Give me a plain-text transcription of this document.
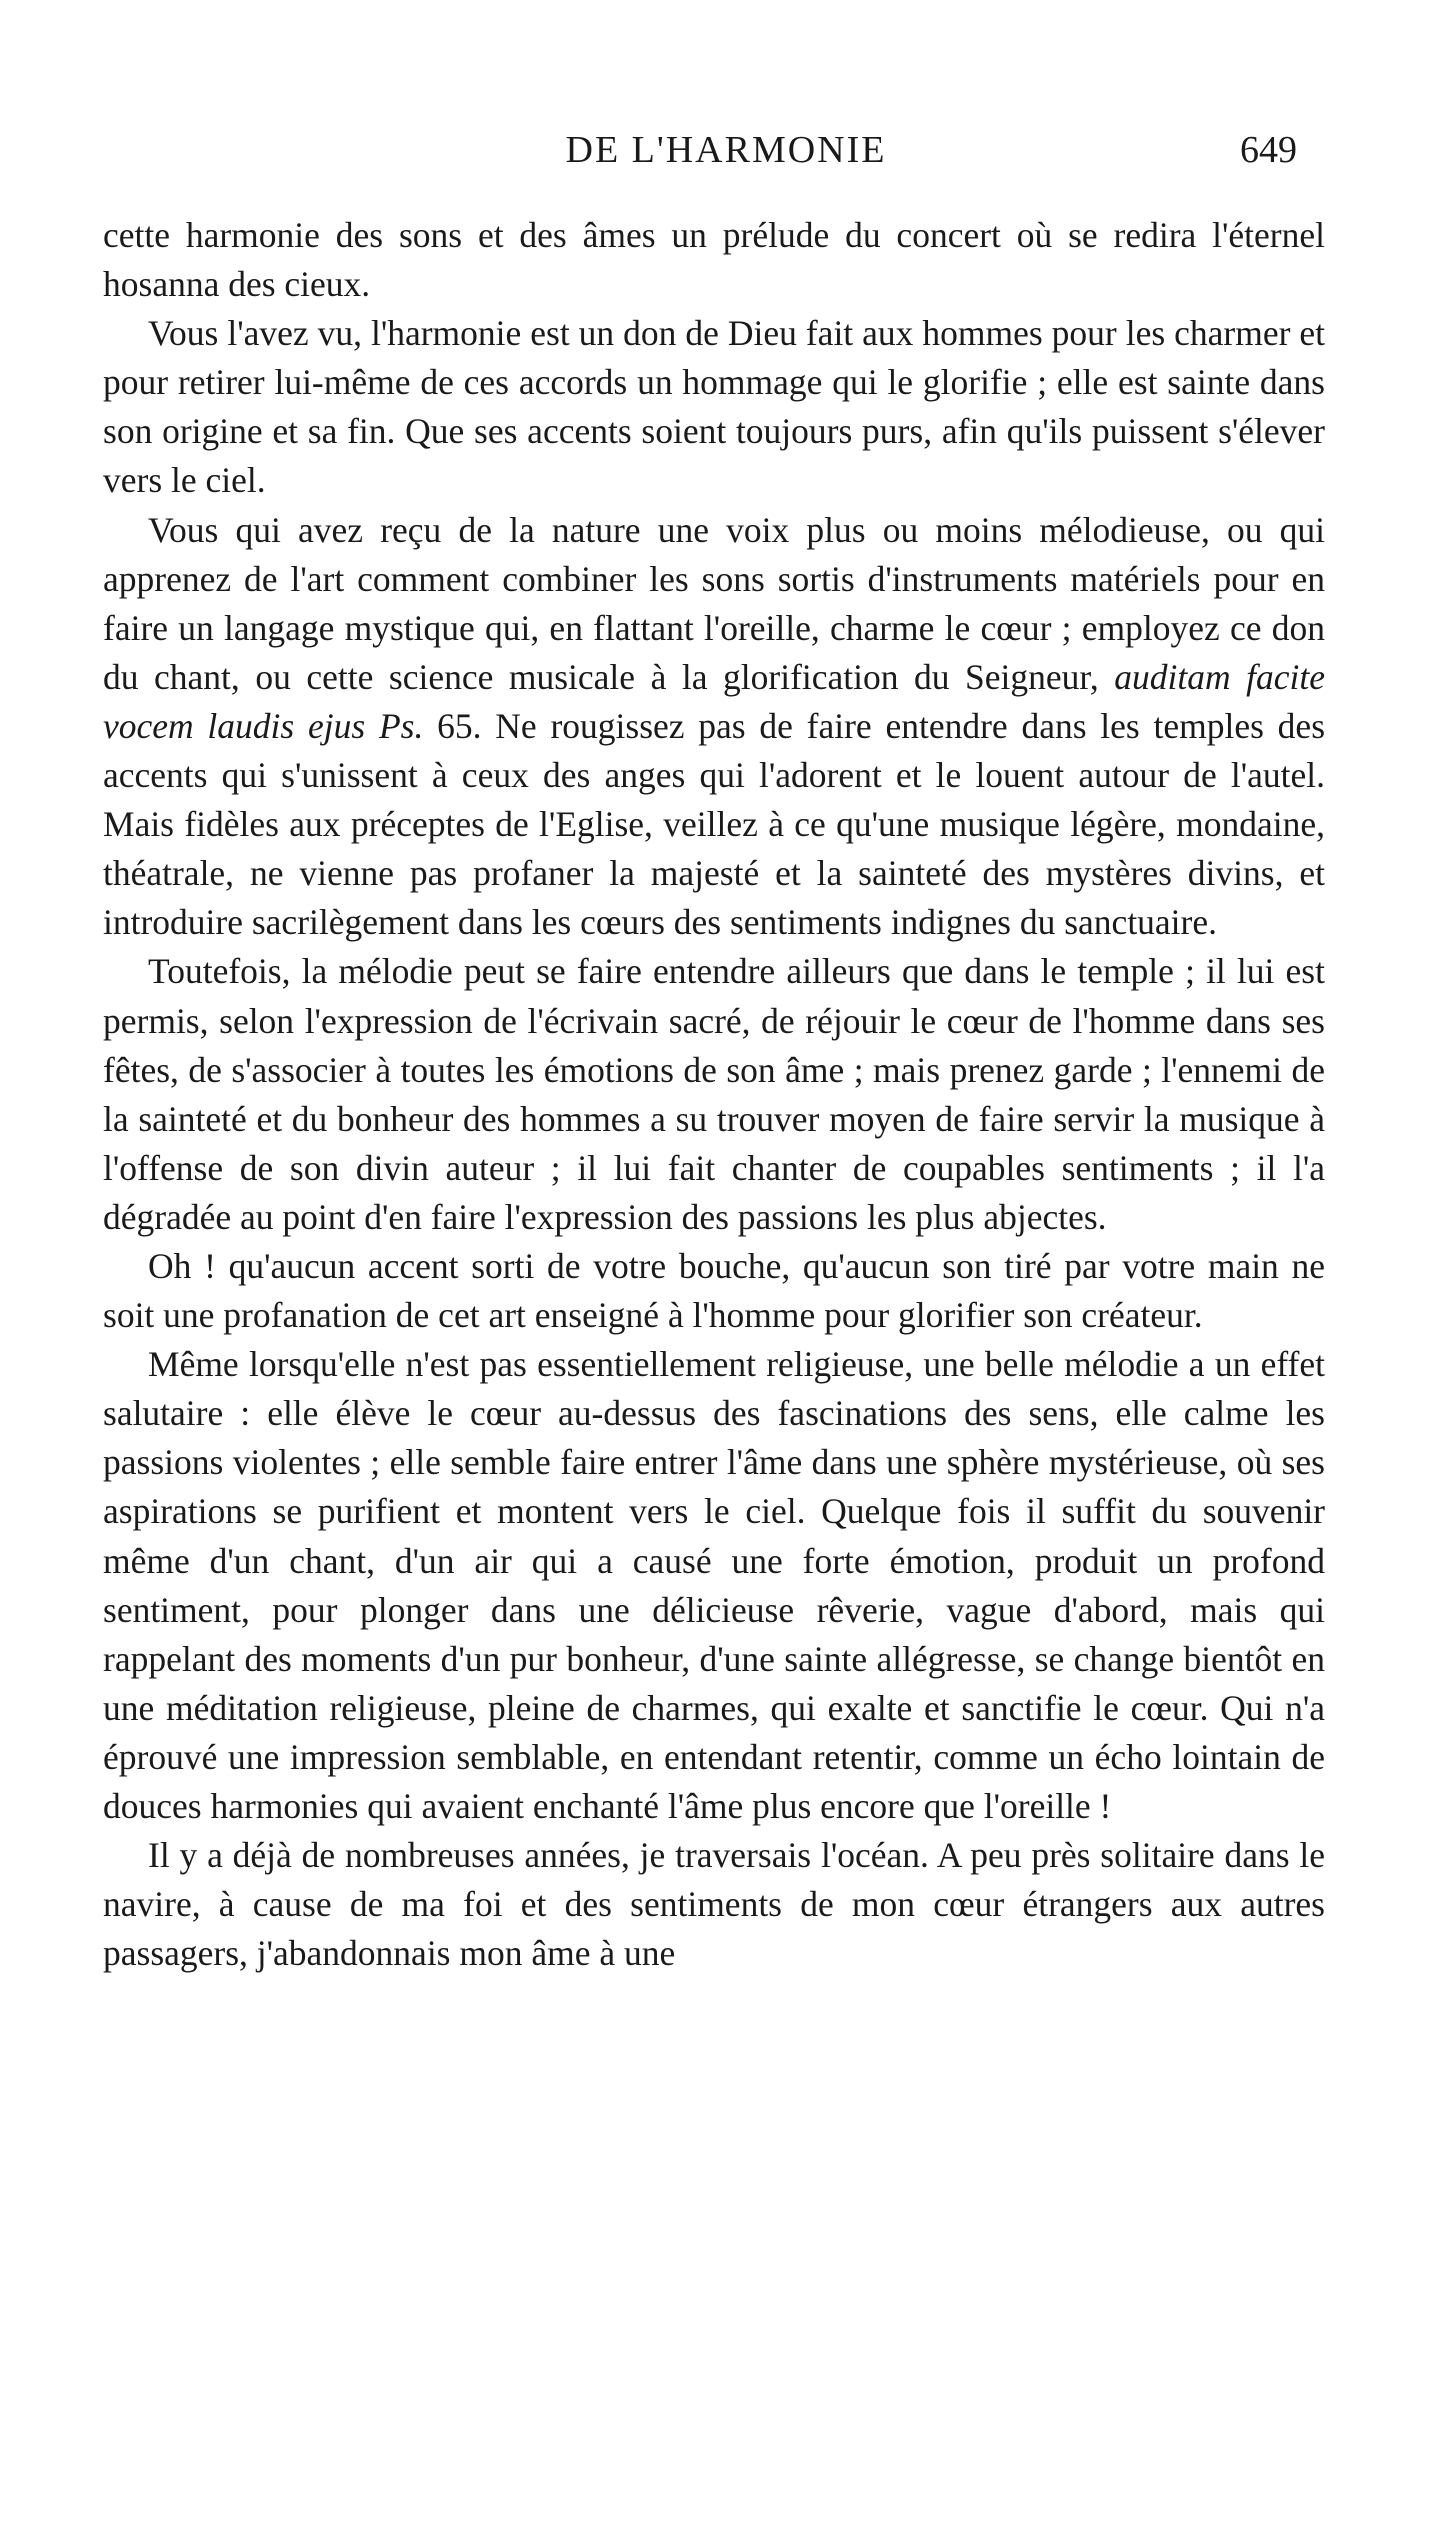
DE L'HARMONIE	649

cette harmonie des sons et des âmes un prélude du concert où se redira l'éternel hosanna des cieux.

Vous l'avez vu, l'harmonie est un don de Dieu fait aux hommes pour les charmer et pour retirer lui-même de ces accords un hommage qui le glorifie ; elle est sainte dans son origine et sa fin. Que ses accents soient toujours purs, afin qu'ils puissent s'élever vers le ciel.

Vous qui avez reçu de la nature une voix plus ou moins mélodieuse, ou qui apprenez de l'art comment combiner les sons sortis d'instruments matériels pour en faire un langage mystique qui, en flattant l'oreille, charme le cœur ; employez ce don du chant, ou cette science musicale à la glorification du Seigneur, auditam facite vocem laudis ejus Ps. 65. Ne rougissez pas de faire entendre dans les temples des accents qui s'unissent à ceux des anges qui l'adorent et le louent autour de l'autel. Mais fidèles aux préceptes de l'Eglise, veillez à ce qu'une musique légère, mondaine, théatrale, ne vienne pas profaner la majesté et la sainteté des mystères divins, et introduire sacrilègement dans les cœurs des sentiments indignes du sanctuaire.

Toutefois, la mélodie peut se faire entendre ailleurs que dans le temple ; il lui est permis, selon l'expression de l'écrivain sacré, de réjouir le cœur de l'homme dans ses fêtes, de s'associer à toutes les émotions de son âme ; mais prenez garde ; l'ennemi de la sainteté et du bonheur des hommes a su trouver moyen de faire servir la musique à l'offense de son divin auteur ; il lui fait chanter de coupables sentiments ; il l'a dégradée au point d'en faire l'expression des passions les plus abjectes.

Oh ! qu'aucun accent sorti de votre bouche, qu'aucun son tiré par votre main ne soit une profanation de cet art enseigné à l'homme pour glorifier son créateur.

Même lorsqu'elle n'est pas essentiellement religieuse, une belle mélodie a un effet salutaire : elle élève le cœur au-dessus des fascinations des sens, elle calme les passions violentes ; elle semble faire entrer l'âme dans une sphère mystérieuse, où ses aspirations se purifient et montent vers le ciel. Quelque fois il suffit du souvenir même d'un chant, d'un air qui a causé une forte émotion, produit un profond sentiment, pour plonger dans une délicieuse rêverie, vague d'abord, mais qui rappelant des moments d'un pur bonheur, d'une sainte allégresse, se change bientôt en une méditation religieuse, pleine de charmes, qui exalte et sanctifie le cœur. Qui n'a éprouvé une impression semblable, en entendant retentir, comme un écho lointain de douces harmonies qui avaient enchanté l'âme plus encore que l'oreille !

Il y a déjà de nombreuses années, je traversais l'océan. A peu près solitaire dans le navire, à cause de ma foi et des sentiments de mon cœur étrangers aux autres passagers, j'abandonnais mon âme à une
